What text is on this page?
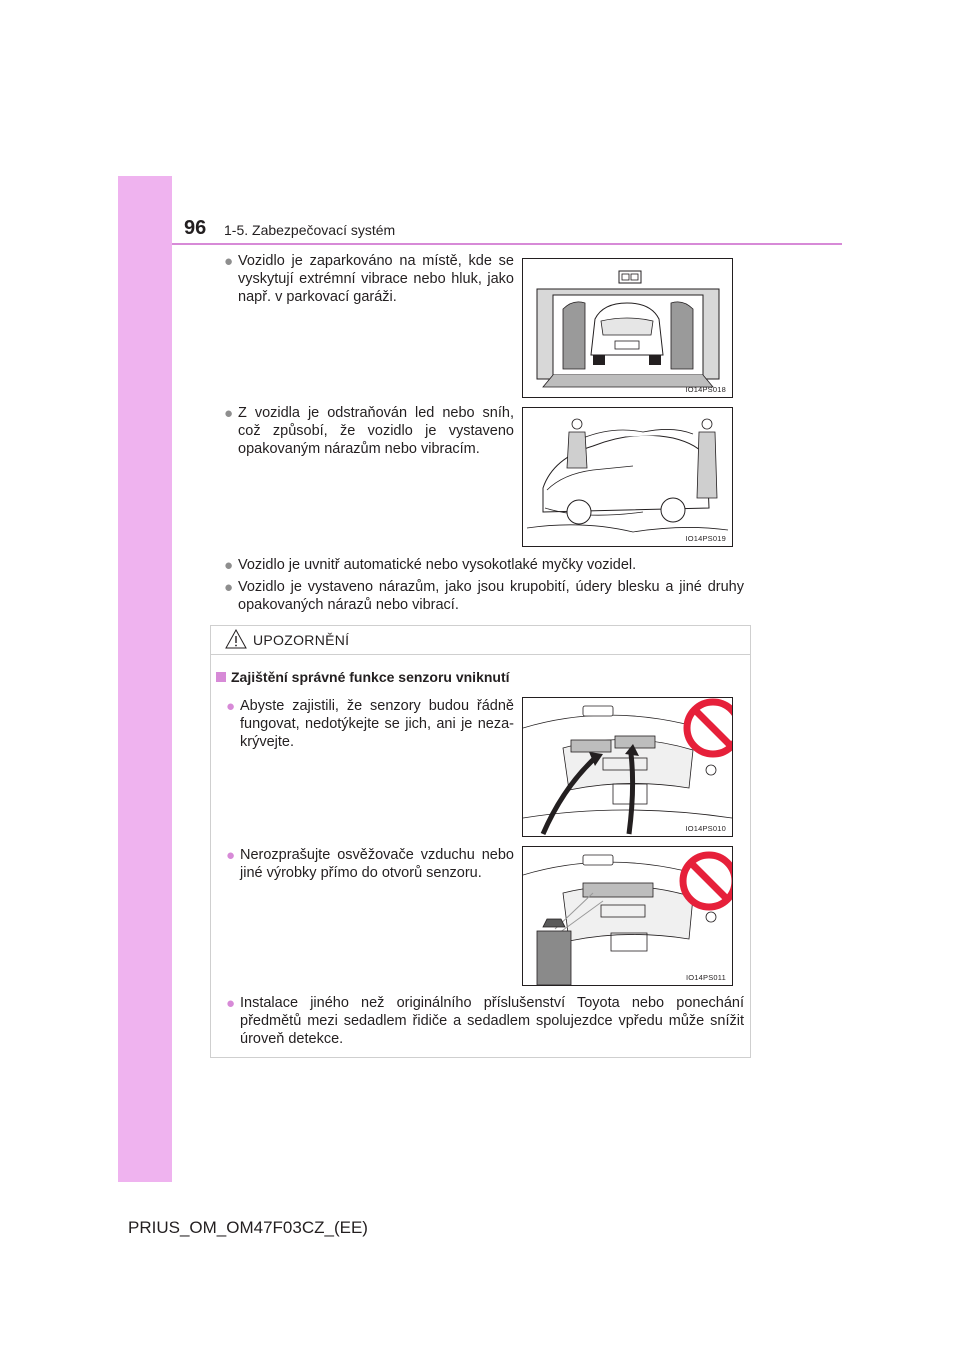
96 1-5. Zabezpečovací systém
● Vozidlo je zaparkováno na místě, kde se vyskytují extrémní vibrace nebo hluk, jako např. v parkovací garáži.
IO14PS018
● Z vozidla je odstraňován led nebo sníh, což způsobí, že vozidlo je vystaveno opakovaným nárazům nebo vibracím.
IO14PS019
● Vozidlo je uvnitř automatické nebo vysokotlaké myčky vozidel.
● Vozidlo je vystaveno nárazům, jako jsou krupobití, údery blesku a jiné druhy opakovaných nárazů nebo vibrací.
UPOZORNĚNÍ
Zajištění správné funkce senzoru vniknutí
● Abyste zajistili, že senzory budou řádně fungovat, nedotýkejte se jich, ani je neza- krývejte.
IO14PS010
● Nerozprašujte osvěžovače vzduchu nebo jiné výrobky přímo do otvorů senzoru.
IO14PS011
● Instalace jiného než originálního příslušenství Toyota nebo ponechání předmětů mezi sedadlem řidiče a sedadlem spolujezdce vpředu může snížit úroveň detekce.
PRIUS_OM_OM47F03CZ_(EE)
